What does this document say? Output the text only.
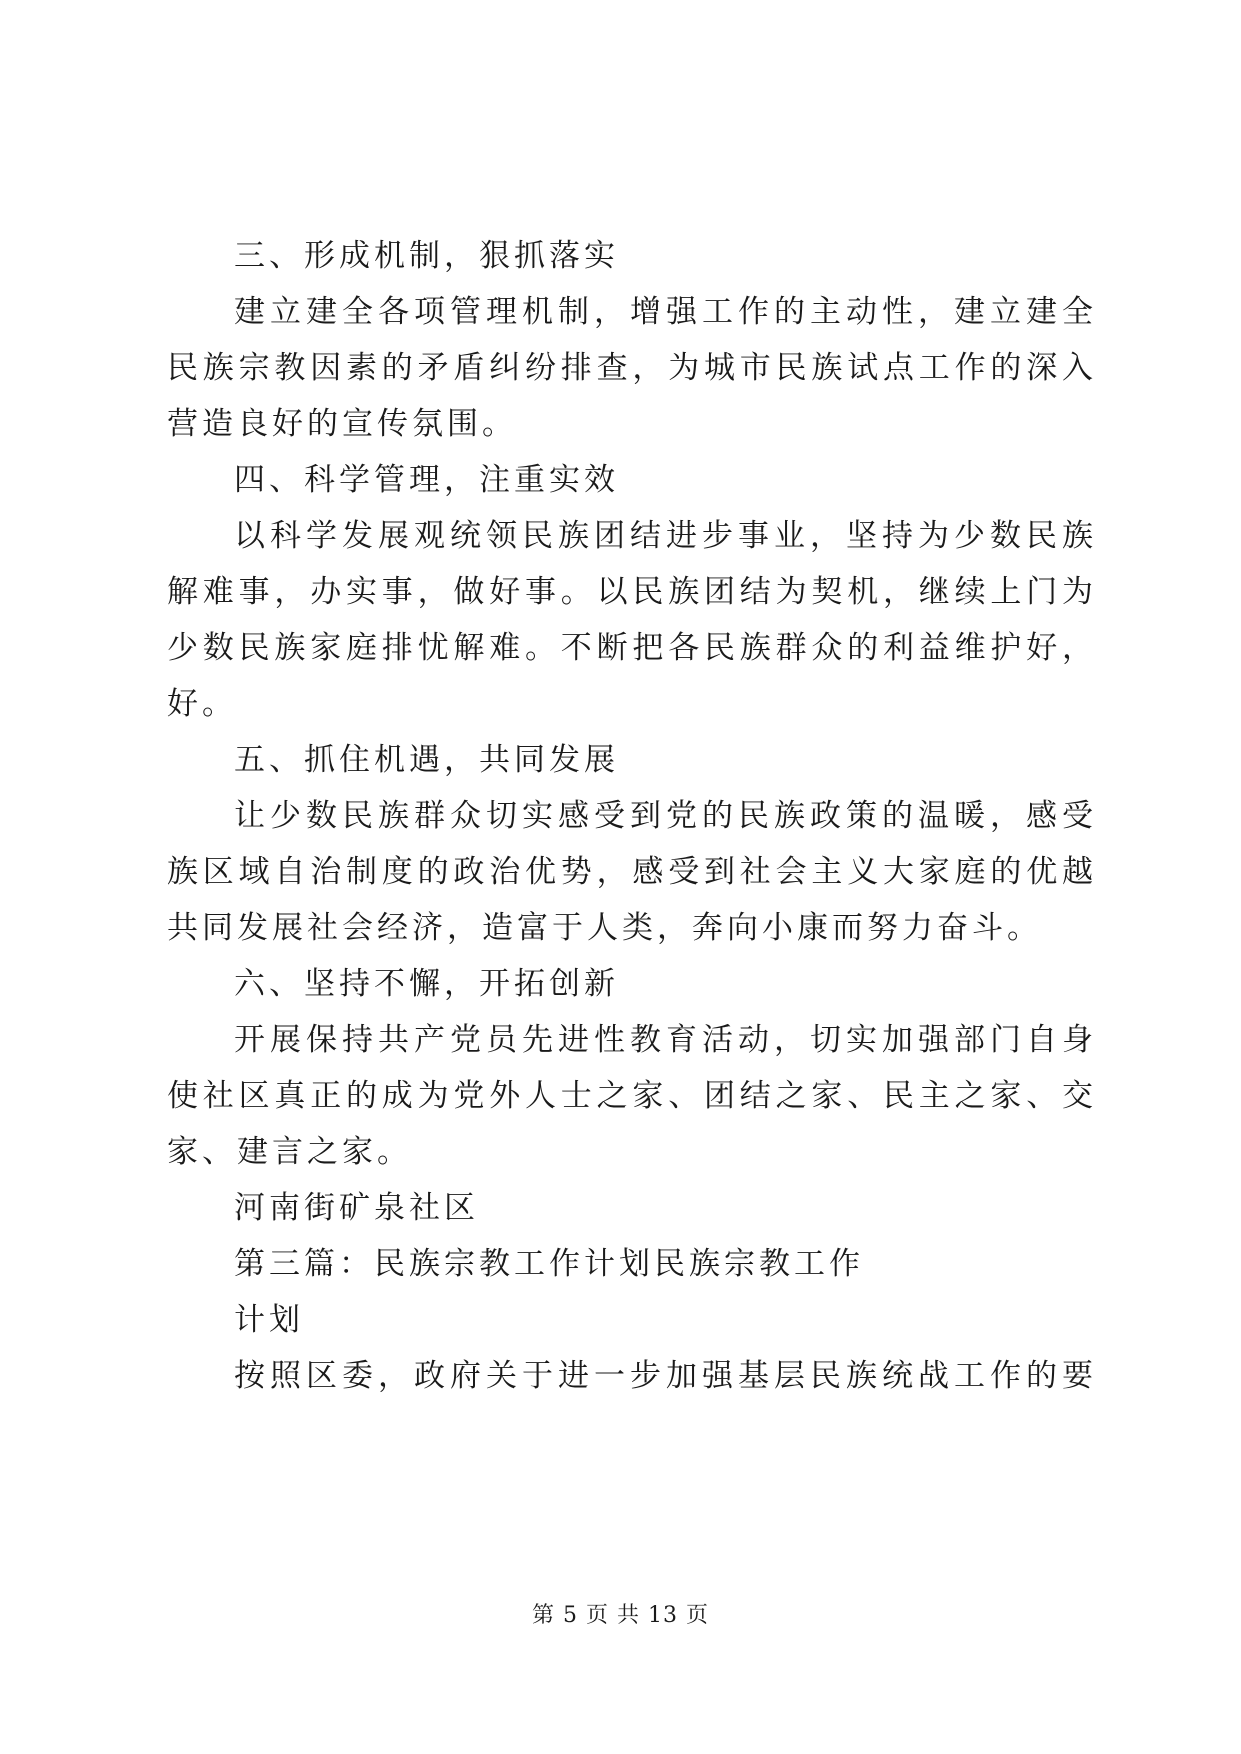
三、形成机制，狠抓落实
建立建全各项管理机制，增强工作的主动性，建立建全
民族宗教因素的矛盾纠纷排查，为城市民族试点工作的深入
营造良好的宣传氛围。
四、科学管理，注重实效
以科学发展观统领民族团结进步事业，坚持为少数民族
解难事，办实事，做好事。以民族团结为契机，继续上门为
少数民族家庭排忧解难。不断把各民族群众的利益维护好，
好。
五、抓住机遇，共同发展
让少数民族群众切实感受到党的民族政策的温暖，感受
族区域自治制度的政治优势，感受到社会主义大家庭的优越
共同发展社会经济，造富于人类，奔向小康而努力奋斗。
六、坚持不懈，开拓创新
开展保持共产党员先进性教育活动，切实加强部门自身
使社区真正的成为党外人士之家、团结之家、民主之家、交
家、建言之家。
河南街矿泉社区
第三篇：民族宗教工作计划民族宗教工作
计划
按照区委，政府关于进一步加强基层民族统战工作的要
第 5 页 共 13 页
